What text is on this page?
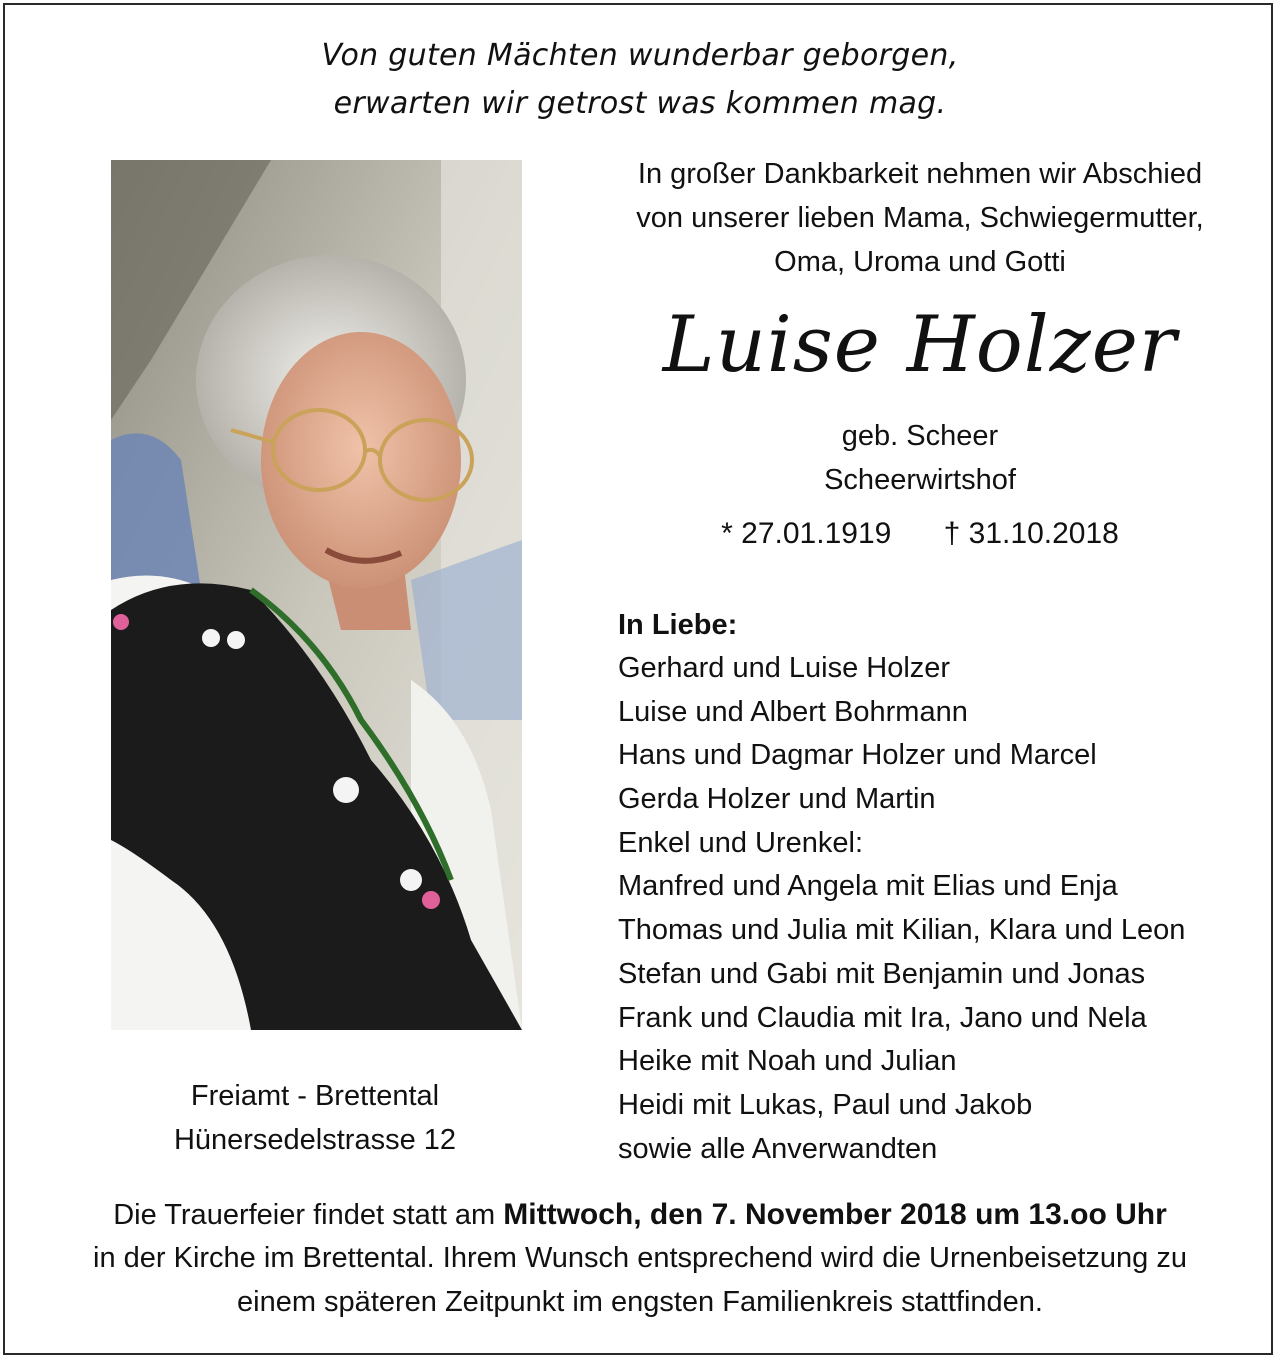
Von guten Mächten wunderbar geborgen,
erwarten wir getrost was kommen mag.
Freiamt - Brettental
Hünersedelstrasse 12
In großer Dankbarkeit nehmen wir Abschied
von unserer lieben Mama, Schwiegermutter,
Oma, Uroma und Gotti
Luise Holzer
geb. Scheer
Scheerwirtshof
* 27.01.1919 † 31.10.2018
In Liebe:
Gerhard und Luise Holzer
Luise und Albert Bohrmann
Hans und Dagmar Holzer und Marcel
Gerda Holzer und Martin
Enkel und Urenkel:
Manfred und Angela mit Elias und Enja
Thomas und Julia mit Kilian, Klara und Leon
Stefan und Gabi mit Benjamin und Jonas
Frank und Claudia mit Ira, Jano und Nela
Heike mit Noah und Julian
Heidi mit Lukas, Paul und Jakob
sowie alle Anverwandten
Die Trauerfeier findet statt am Mittwoch, den 7. November 2018 um 13.oo Uhr
in der Kirche im Brettental. Ihrem Wunsch entsprechend wird die Urnenbeisetzung zu
einem späteren Zeitpunkt im engsten Familienkreis stattfinden.
